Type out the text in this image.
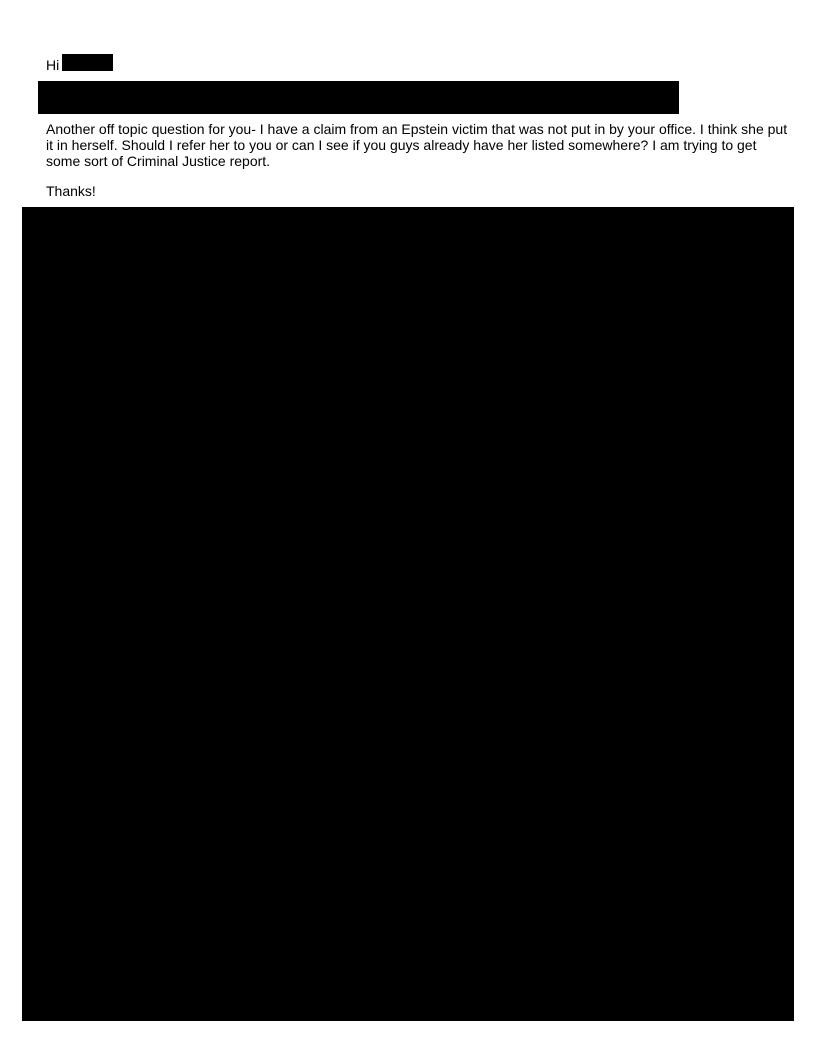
Hi
Another off topic question for you- I have a claim from an Epstein victim that was not put in by your office. I think she put it in herself. Should I refer her to you or can I see if you guys already have her listed somewhere? I am trying to get some sort of Criminal Justice report.
Thanks!
